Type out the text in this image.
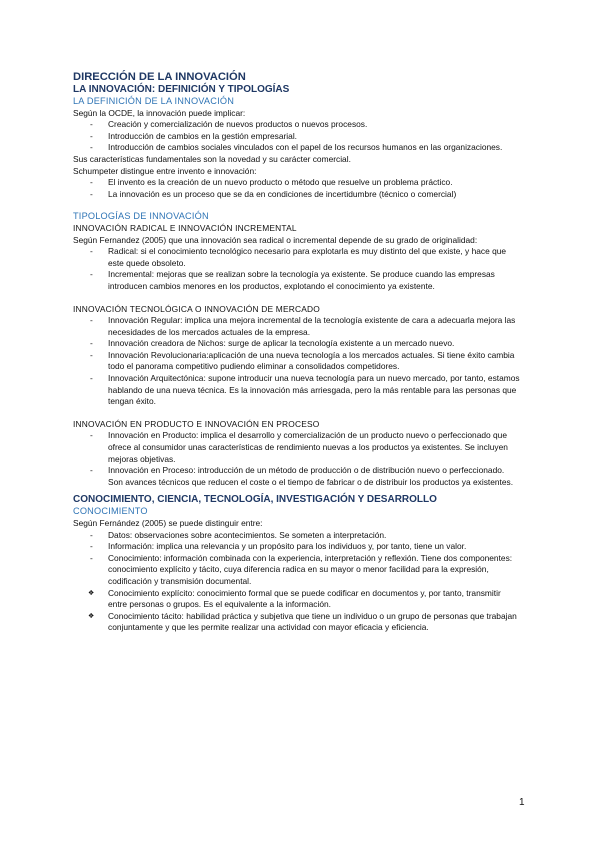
DIRECCIÓN DE LA INNOVACIÓN

LA INNOVACIÓN: DEFINICIÓN Y TIPOLOGÍAS

LA DEFINICIÓN DE LA INNOVACIÓN

Según la OCDE, la innovación puede implicar:

- Creación y comercialización de nuevos productos o nuevos procesos.
- Introducción de cambios en la gestión empresarial.
- Introducción de cambios sociales vinculados con el papel de los recursos humanos en las organizaciones.

Sus características fundamentales son la novedad y su carácter comercial.

Schumpeter distingue entre invento e innovación:

- El invento es la creación de un nuevo producto o método que resuelve un problema práctico.
- La innovación es un proceso que se da en condiciones de incertidumbre (técnico o comercial)

TIPOLOGÍAS DE INNOVACIÓN

INNOVACIÓN RADICAL E INNOVACIÓN INCREMENTAL

Según Fernandez (2005) que una innovación sea radical o incremental depende de su grado de originalidad:

- Radical: si el conocimiento tecnológico necesario para explotarla es muy distinto del que existe, y hace que este quede obsoleto.
- Incremental: mejoras que se realizan sobre la tecnología ya existente. Se produce cuando las empresas introducen cambios menores en los productos, explotando el conocimiento ya existente.

INNOVACIÓN TECNOLÓGICA O INNOVACIÓN DE MERCADO

- Innovación Regular: implica una mejora incremental de la tecnología existente de cara a adecuarla mejora las necesidades de los mercados actuales de la empresa.
- Innovación creadora de Nichos: surge de aplicar la tecnología existente a un mercado nuevo.
- Innovación Revolucionaria:aplicación de una nueva tecnología a los mercados actuales. Si tiene éxito cambia todo el panorama competitivo pudiendo eliminar a consolidados competidores.
- Innovación Arquitectónica: supone introducir una nueva tecnología para un nuevo mercado, por tanto, estamos hablando de una nueva técnica. Es la innovación más arriesgada, pero la más rentable para las personas que tengan éxito.

INNOVACIÓN EN PRODUCTO E INNOVACIÓN EN PROCESO

- Innovación en Producto: implica el desarrollo y comercialización de un producto nuevo o perfeccionado que ofrece al consumidor unas características de rendimiento nuevas a los productos ya existentes. Se incluyen mejoras objetivas.
- Innovación en Proceso: introducción de un método de producción o de distribución nuevo o perfeccionado. Son avances técnicos que reducen el coste o el tiempo de fabricar o de distribuir los productos ya existentes.

CONOCIMIENTO, CIENCIA, TECNOLOGÍA, INVESTIGACIÓN Y DESARROLLO

CONOCIMIENTO

Según Fernández (2005) se puede distinguir entre:

- Datos: observaciones sobre acontecimientos. Se someten a interpretación.
- Información: implica una relevancia y un propósito para los individuos y, por tanto, tiene un valor.
- Conocimiento: información combinada con la experiencia, interpretación y reflexión. Tiene dos componentes: conocimiento explícito y tácito, cuya diferencia radica en su mayor o menor facilidad para la expresión, codificación y transmisión documental.
❖ Conocimiento explícito: conocimiento formal que se puede codificar en documentos y, por tanto, transmitir entre personas o grupos. Es el equivalente a la información.
❖ Conocimiento tácito: habilidad práctica y subjetiva que tiene un individuo o un grupo de personas que trabajan conjuntamente y que les permite realizar una actividad con mayor eficacia y eficiencia.
1
